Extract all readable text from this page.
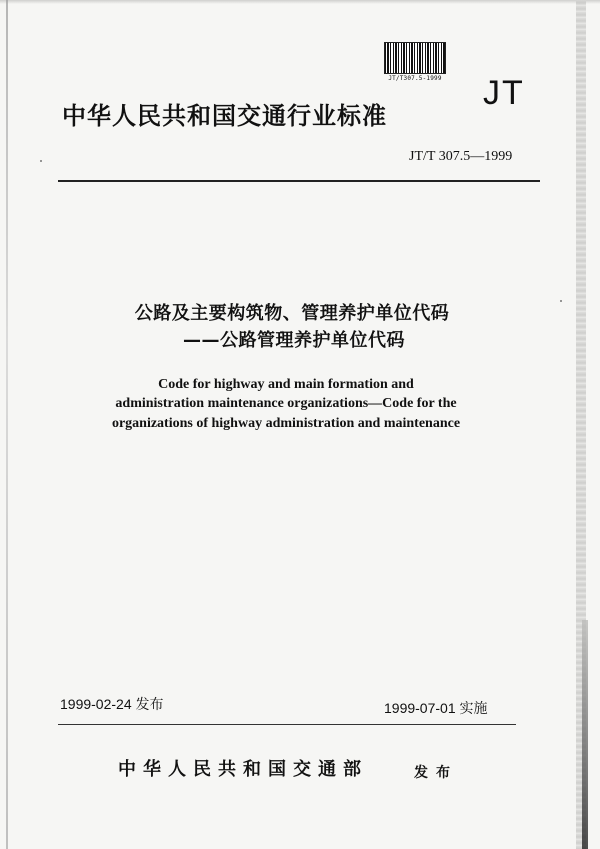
JT/T307.5-1999 JT
中华人民共和国交通行业标准
JT/T 307.5—1999
公路及主要构筑物、管理养护单位代码
——公路管理养护单位代码
Code for highway and main formation and
administration maintenance organizations—Code for the
organizations of highway administration and maintenance
1999-02-24 发布	1999-07-01 实施
中华人民共和国交通部	发布
